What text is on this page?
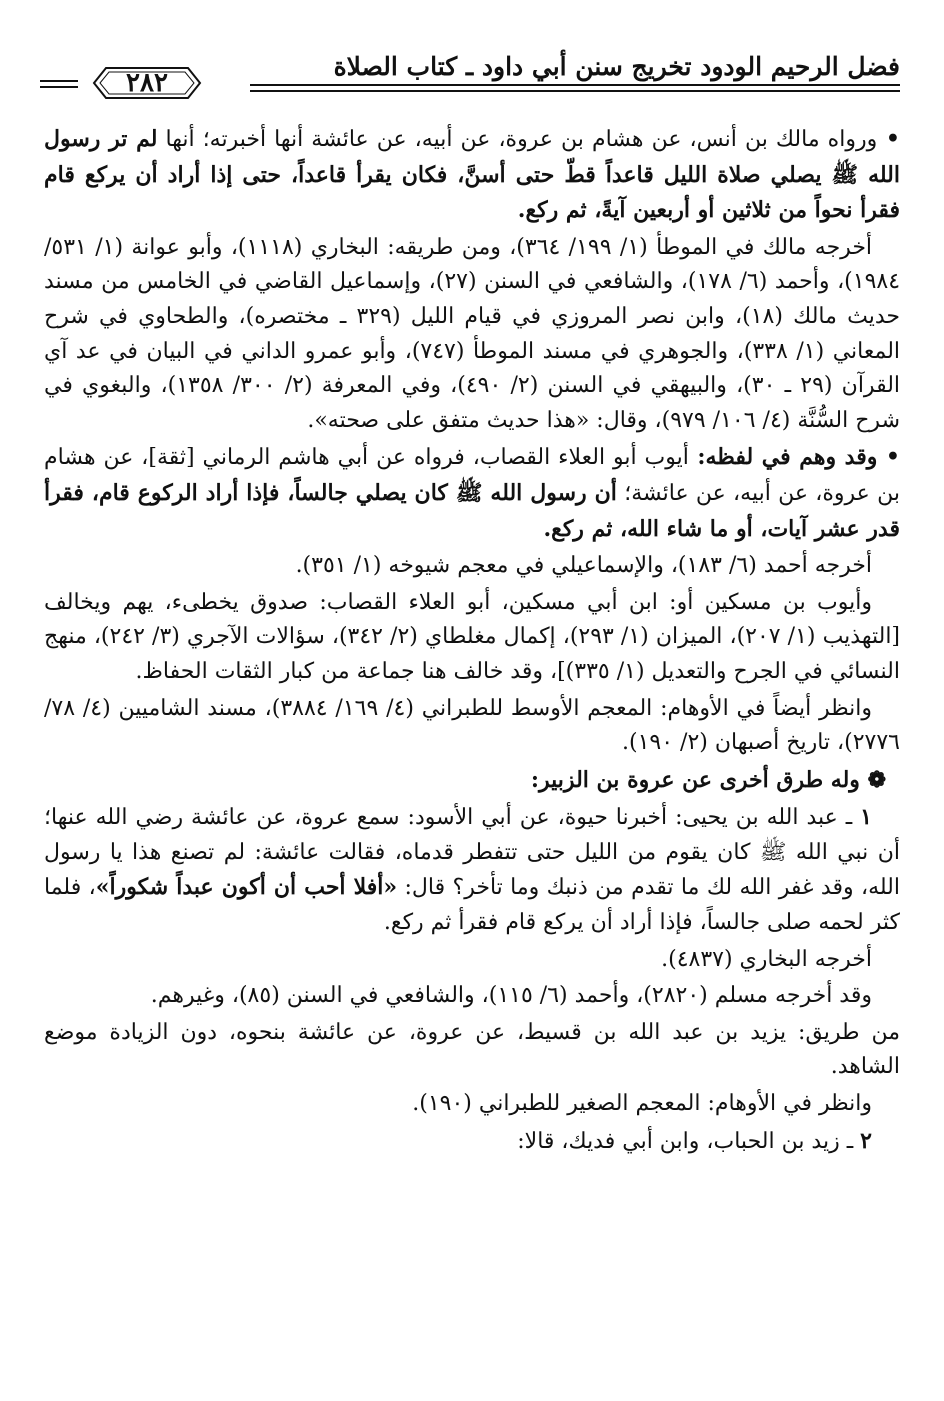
فضل الرحيم الودود تخريج سنن أبي داود ـ كتاب الصلاة
٢٨٢

• ورواه مالك بن أنس، عن هشام بن عروة، عن أبيه، عن عائشة أنها أخبرته؛ أنها لم تر رسول الله ﷺ يصلي صلاة الليل قاعداً قطّ حتى أسنَّ، فكان يقرأ قاعداً، حتى إذا أراد أن يركع قام فقرأ نحواً من ثلاثين أو أربعين آيةً، ثم ركع.

أخرجه مالك في الموطأ (١/ ١٩٩/ ٣٦٤)، ومن طريقه: البخاري (١١١٨)، وأبو عوانة (١/ ٥٣١/ ١٩٨٤)، وأحمد (٦/ ١٧٨)، والشافعي في السنن (٢٧)، وإسماعيل القاضي في الخامس من مسند حديث مالك (١٨)، وابن نصر المروزي في قيام الليل (٣٢٩ ـ مختصره)، والطحاوي في شرح المعاني (١/ ٣٣٨)، والجوهري في مسند الموطأ (٧٤٧)، وأبو عمرو الداني في البيان في عد آي القرآن (٢٩ ـ ٣٠)، والبيهقي في السنن (٢/ ٤٩٠)، وفي المعرفة (٢/ ٣٠٠/ ١٣٥٨)، والبغوي في شرح السُّنَّة (٤/ ١٠٦/ ٩٧٩)، وقال: «هذا حديث متفق على صحته».

• وقد وهم في لفظه: أيوب أبو العلاء القصاب، فرواه عن أبي هاشم الرماني [ثقة]، عن هشام بن عروة، عن أبيه، عن عائشة؛ أن رسول الله ﷺ كان يصلي جالساً، فإذا أراد الركوع قام، فقرأ قدر عشر آيات، أو ما شاء الله، ثم ركع.

أخرجه أحمد (٦/ ١٨٣)، والإسماعيلي في معجم شيوخه (١/ ٣٥١).

وأيوب بن مسكين أو: ابن أبي مسكين، أبو العلاء القصاب: صدوق يخطىء، يهم ويخالف [التهذيب (١/ ٢٠٧)، الميزان (١/ ٢٩٣)، إكمال مغلطاي (٢/ ٣٤٢)، سؤالات الآجري (٣/ ٢٤٢)، منهج النسائي في الجرح والتعديل (١/ ٣٣٥)]، وقد خالف هنا جماعة من كبار الثقات الحفاظ.

وانظر أيضاً في الأوهام: المعجم الأوسط للطبراني (٤/ ١٦٩/ ٣٨٨٤)، مسند الشاميين (٤/ ٧٨/ ٢٧٧٦)، تاريخ أصبهان (٢/ ١٩٠).

❁ وله طرق أخرى عن عروة بن الزبير:

١ ـ عبد الله بن يحيى: أخبرنا حيوة، عن أبي الأسود: سمع عروة، عن عائشة رضي الله عنها؛ أن نبي الله ﷺ كان يقوم من الليل حتى تتفطر قدماه، فقالت عائشة: لم تصنع هذا يا رسول الله، وقد غفر الله لك ما تقدم من ذنبك وما تأخر؟ قال: «أفلا أحب أن أكون عبداً شكوراً»، فلما كثر لحمه صلى جالساً، فإذا أراد أن يركع قام فقرأ ثم ركع.

أخرجه البخاري (٤٨٣٧).

وقد أخرجه مسلم (٢٨٢٠)، وأحمد (٦/ ١١٥)، والشافعي في السنن (٨٥)، وغيرهم.

من طريق: يزيد بن عبد الله بن قسيط، عن عروة، عن عائشة بنحوه، دون الزيادة موضع الشاهد.

وانظر في الأوهام: المعجم الصغير للطبراني (١٩٠).

٢ ـ زيد بن الحباب، وابن أبي فديك، قالا:
